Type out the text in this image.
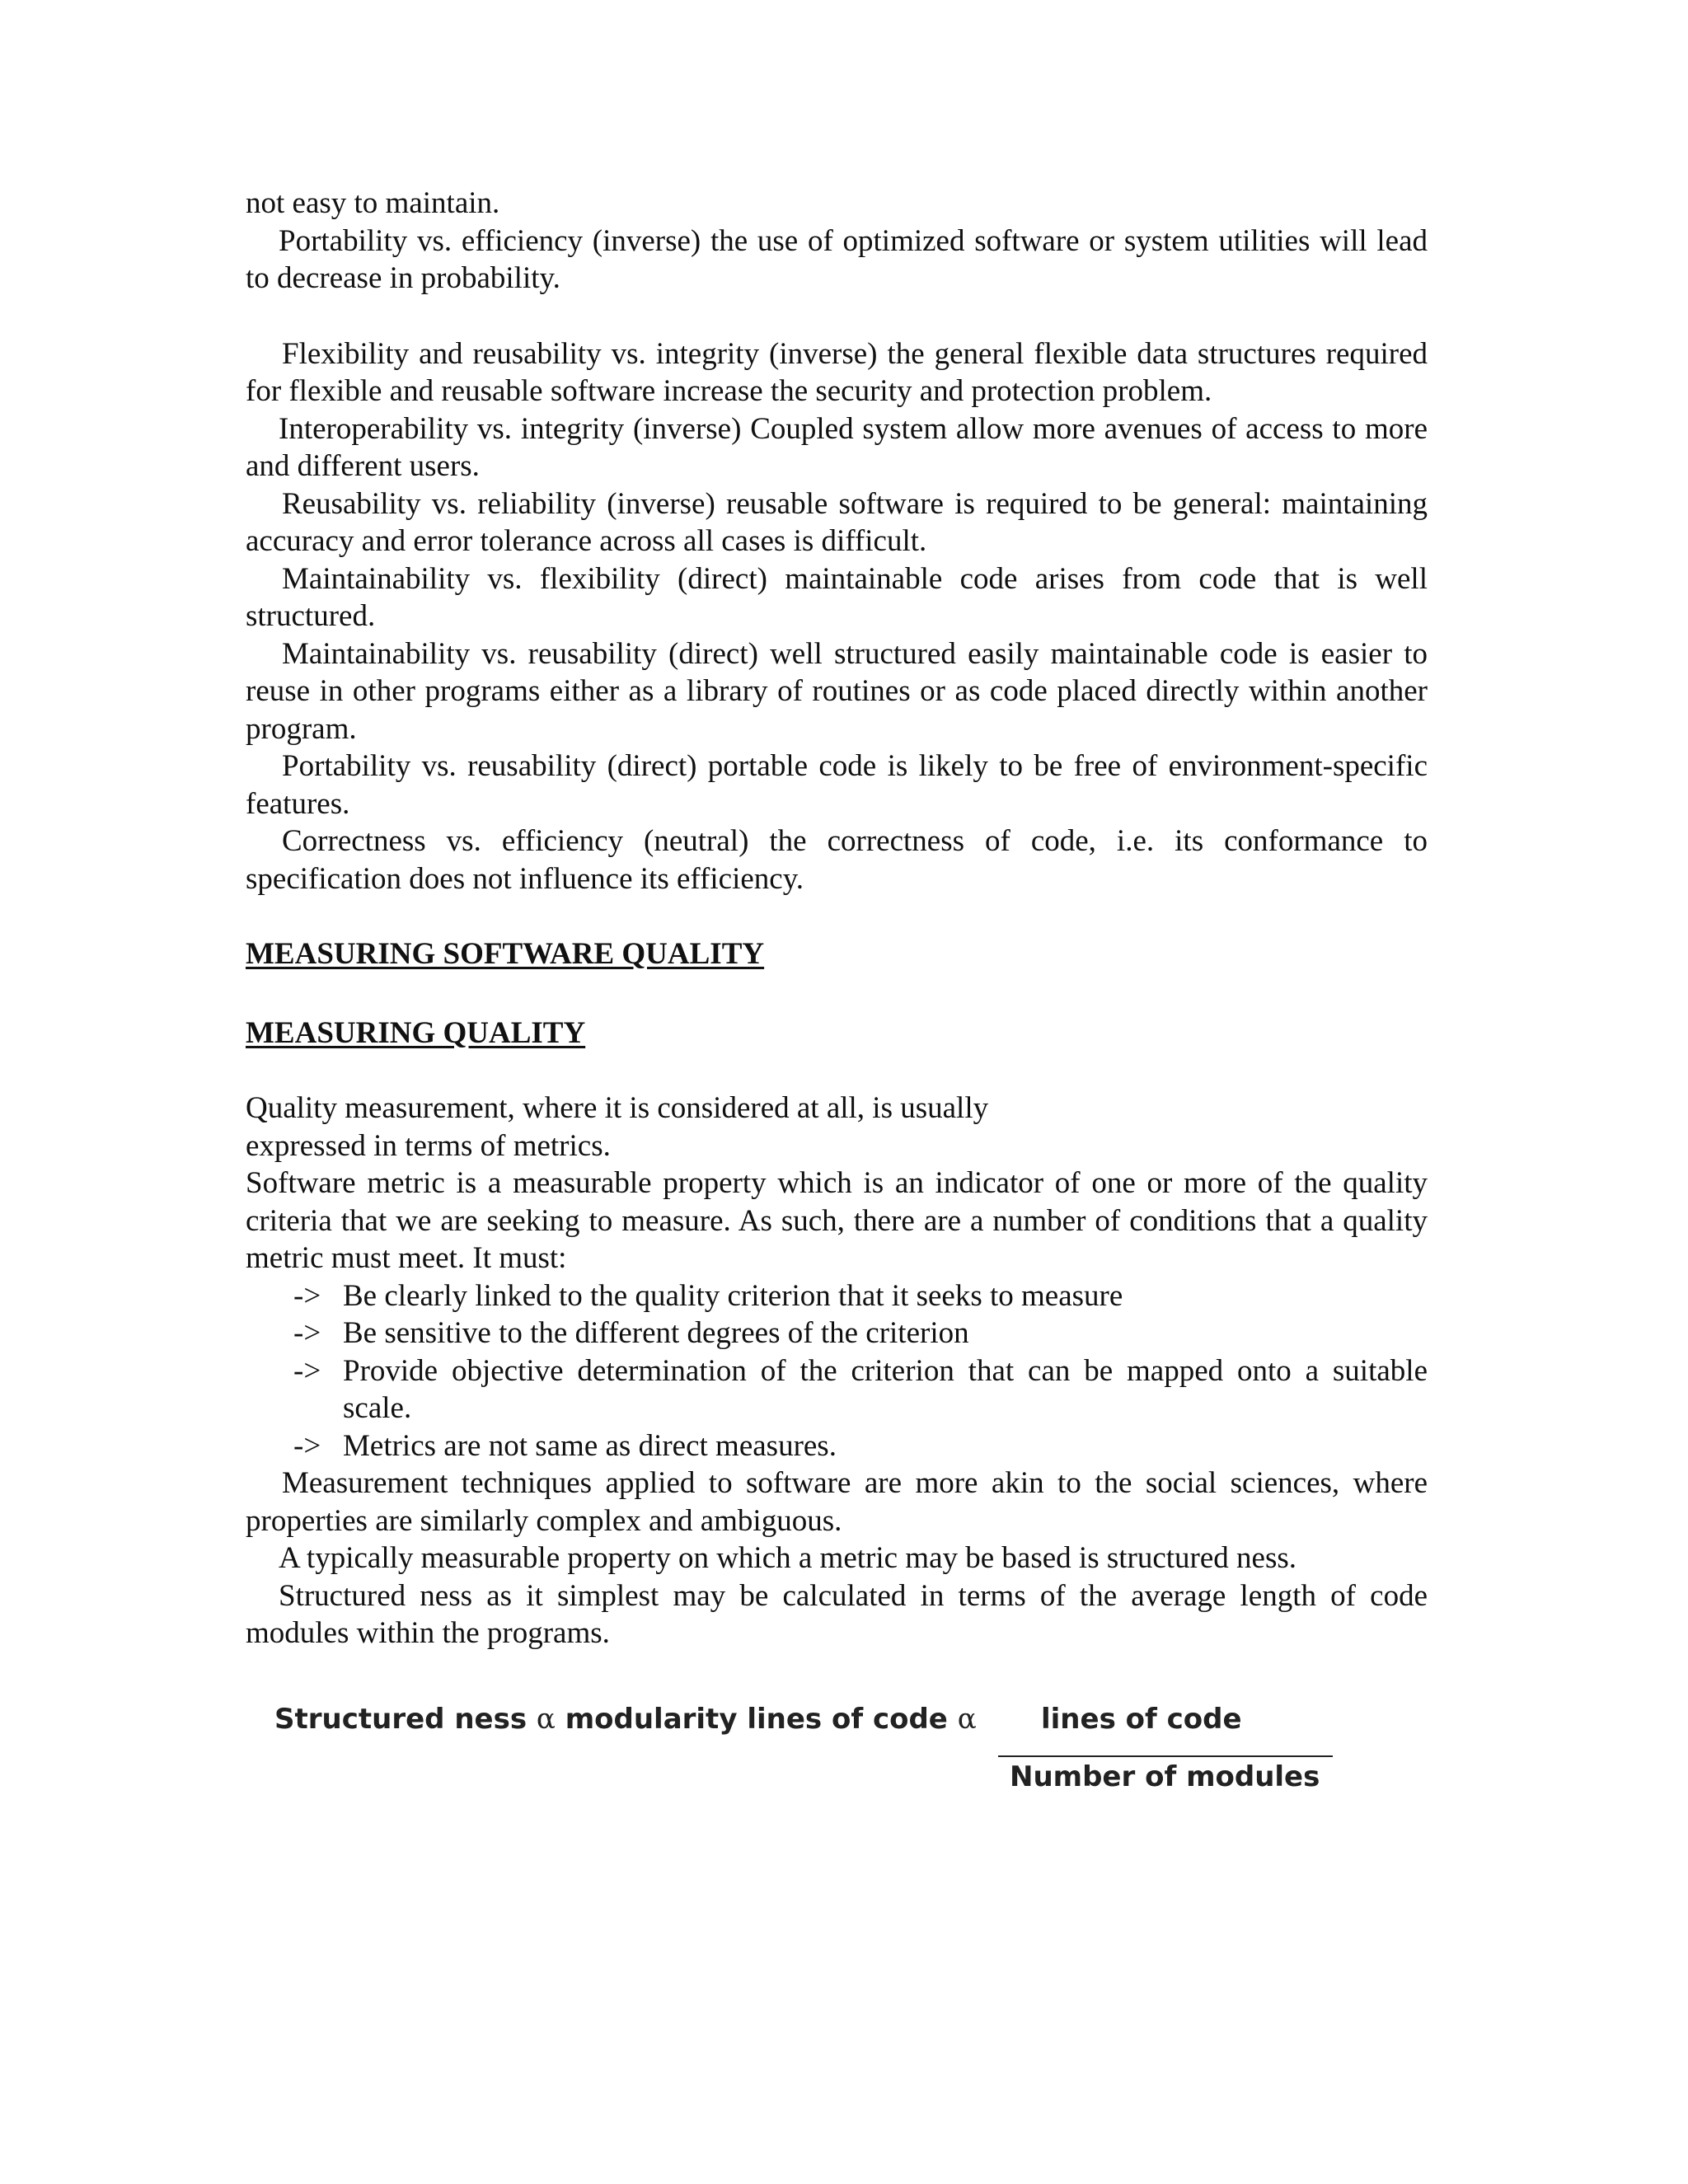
not easy to maintain.

Portability vs. efficiency (inverse) the use of optimized software or system utilities will lead to decrease in probability.

Flexibility and reusability vs. integrity (inverse) the general flexible data structures required for flexible and reusable software increase the security and protection problem.

Interoperability vs. integrity (inverse) Coupled system allow more avenues of access to more and different users.

Reusability vs. reliability (inverse) reusable software is required to be general: maintaining accuracy and error tolerance across all cases is difficult.

Maintainability vs. flexibility (direct) maintainable code arises from code that is well structured.

Maintainability vs. reusability (direct) well structured easily maintainable code is easier to reuse in other programs either as a library of routines or as code placed directly within another program.

Portability vs. reusability (direct) portable code is likely to be free of environment-specific features.

Correctness vs. efficiency (neutral) the correctness of code, i.e. its conformance to specification does not influence its efficiency.

MEASURING SOFTWARE QUALITY
MEASURING QUALITY

Quality measurement, where it is considered at all, is usually

expressed in terms of metrics.

Software metric is a measurable property which is an indicator of one or more of the quality criteria that we are seeking to measure. As such, there are a number of conditions that a quality metric must meet. It must:

-> Be clearly linked to the quality criterion that it seeks to measure
-> Be sensitive to the different degrees of the criterion
-> Provide objective determination of the criterion that can be mapped onto a suitable scale.
-> Metrics are not same as direct measures.

Measurement techniques applied to software are more akin to the social sciences, where properties are similarly complex and ambiguous.

A typically measurable property on which a metric may be based is structured ness.

Structured ness as it simplest may be calculated in terms of the average length of code modules within the programs.

Structured ness α modularity lines of code α lines of code
Number of modules
